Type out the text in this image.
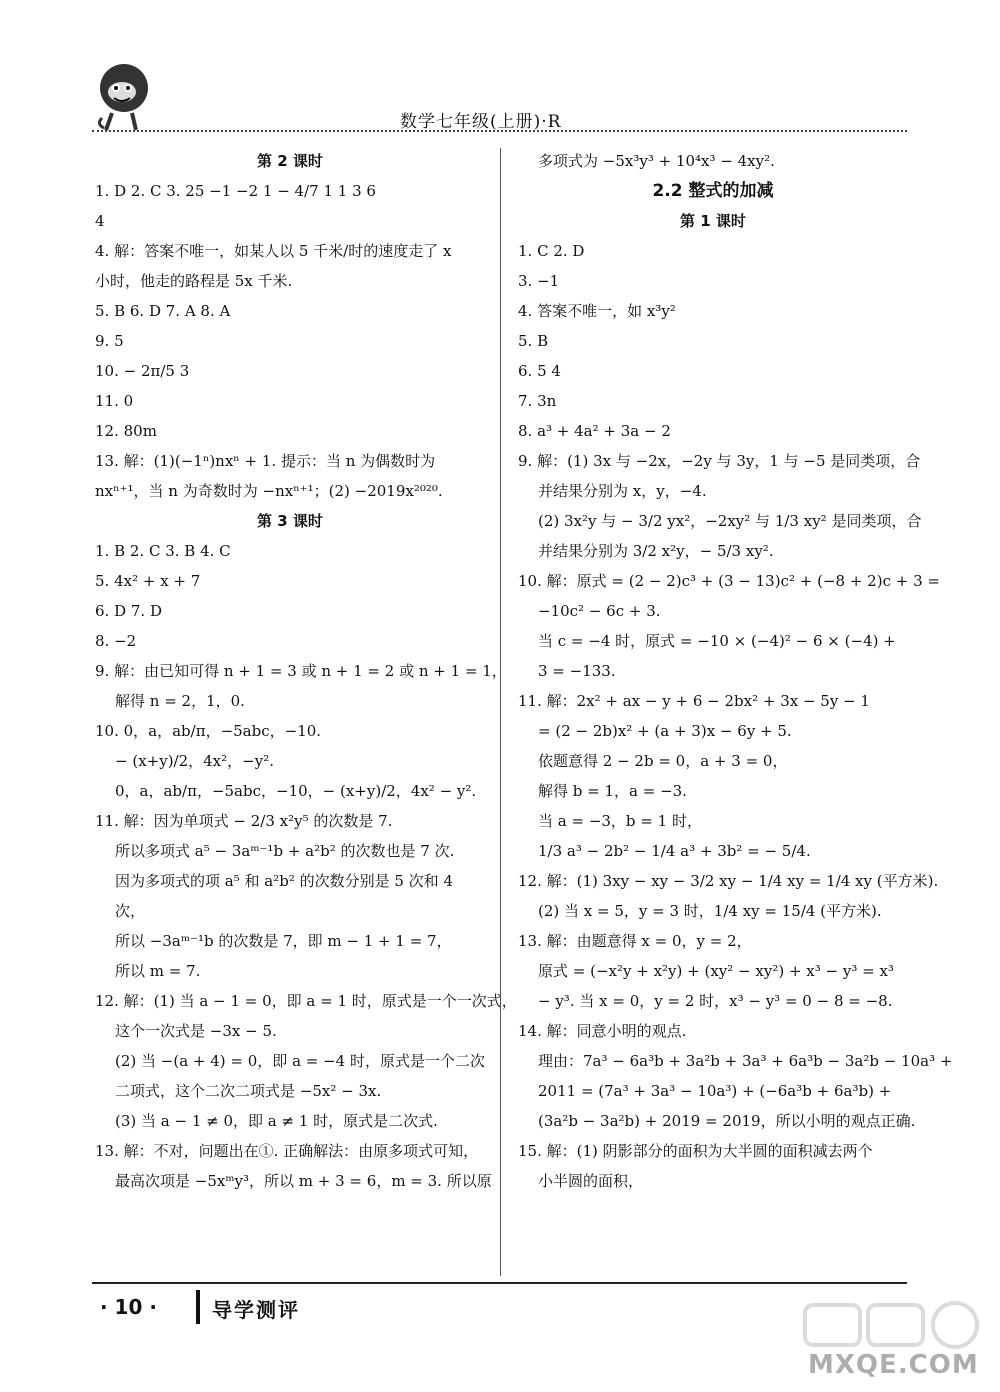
数学七年级(上册)·R
第 2 课时
1. D 2. C 3. 25 −1 −2 1 − 4/7 1 1 3 6
4
4. 解：答案不唯一，如某人以 5 千米/时的速度走了 x
小时，他走的路程是 5x 千米.
5. B 6. D 7. A 8. A
9. 5
10. − 2π/5 3
11. 0
12. 80m
13. 解：(1)(−1ⁿ)nxⁿ + 1. 提示：当 n 为偶数时为
nxⁿ⁺¹，当 n 为奇数时为 −nxⁿ⁺¹；(2) −2019x²⁰²⁰.
第 3 课时
1. B 2. C 3. B 4. C
5. 4x² + x + 7
6. D 7. D
8. −2
9. 解：由已知可得 n + 1 = 3 或 n + 1 = 2 或 n + 1 = 1，
解得 n = 2，1，0.
10. 0，a，ab/π，−5abc，−10.
− (x+y)/2，4x²，−y².
0，a，ab/π，−5abc，−10，− (x+y)/2，4x² − y².
11. 解：因为单项式 − 2/3 x²y⁵ 的次数是 7.
所以多项式 a⁵ − 3aᵐ⁻¹b + a²b² 的次数也是 7 次.
因为多项式的项 a⁵ 和 a²b² 的次数分别是 5 次和 4
次，
所以 −3aᵐ⁻¹b 的次数是 7，即 m − 1 + 1 = 7，
所以 m = 7.
12. 解：(1) 当 a − 1 = 0，即 a = 1 时，原式是一个一次式，
这个一次式是 −3x − 5.
(2) 当 −(a + 4) = 0，即 a = −4 时，原式是一个二次
二项式，这个二次二项式是 −5x² − 3x.
(3) 当 a − 1 ≠ 0，即 a ≠ 1 时，原式是二次式.
13. 解：不对，问题出在①. 正确解法：由原多项式可知，
最高次项是 −5xᵐy³，所以 m + 3 = 6，m = 3. 所以原
多项式为 −5x³y³ + 10⁴x³ − 4xy².
2.2 整式的加减
第 1 课时
1. C 2. D
3. −1
4. 答案不唯一，如 x³y²
5. B
6. 5 4
7. 3n
8. a³ + 4a² + 3a − 2
9. 解：(1) 3x 与 −2x，−2y 与 3y，1 与 −5 是同类项，合
并结果分别为 x，y，−4.
(2) 3x²y 与 − 3/2 yx²，−2xy² 与 1/3 xy² 是同类项，合
并结果分别为 3/2 x²y，− 5/3 xy².
10. 解：原式 = (2 − 2)c³ + (3 − 13)c² + (−8 + 2)c + 3 =
−10c² − 6c + 3.
当 c = −4 时，原式 = −10 × (−4)² − 6 × (−4) +
3 = −133.
11. 解：2x² + ax − y + 6 − 2bx² + 3x − 5y − 1
= (2 − 2b)x² + (a + 3)x − 6y + 5.
依题意得 2 − 2b = 0，a + 3 = 0，
解得 b = 1，a = −3.
当 a = −3，b = 1 时，
1/3 a³ − 2b² − 1/4 a³ + 3b² = − 5/4.
12. 解：(1) 3xy − xy − 3/2 xy − 1/4 xy = 1/4 xy (平方米).
(2) 当 x = 5，y = 3 时，1/4 xy = 15/4 (平方米).
13. 解：由题意得 x = 0，y = 2，
原式 = (−x²y + x²y) + (xy² − xy²) + x³ − y³ = x³
− y³. 当 x = 0，y = 2 时，x³ − y³ = 0 − 8 = −8.
14. 解：同意小明的观点.
理由：7a³ − 6a³b + 3a²b + 3a³ + 6a³b − 3a²b − 10a³ +
2011 = (7a³ + 3a³ − 10a³) + (−6a³b + 6a³b) +
(3a²b − 3a²b) + 2019 = 2019，所以小明的观点正确.
15. 解：(1) 阴影部分的面积为大半圆的面积减去两个
小半圆的面积，
· 10 ·	导学测评
MXQE.COM
